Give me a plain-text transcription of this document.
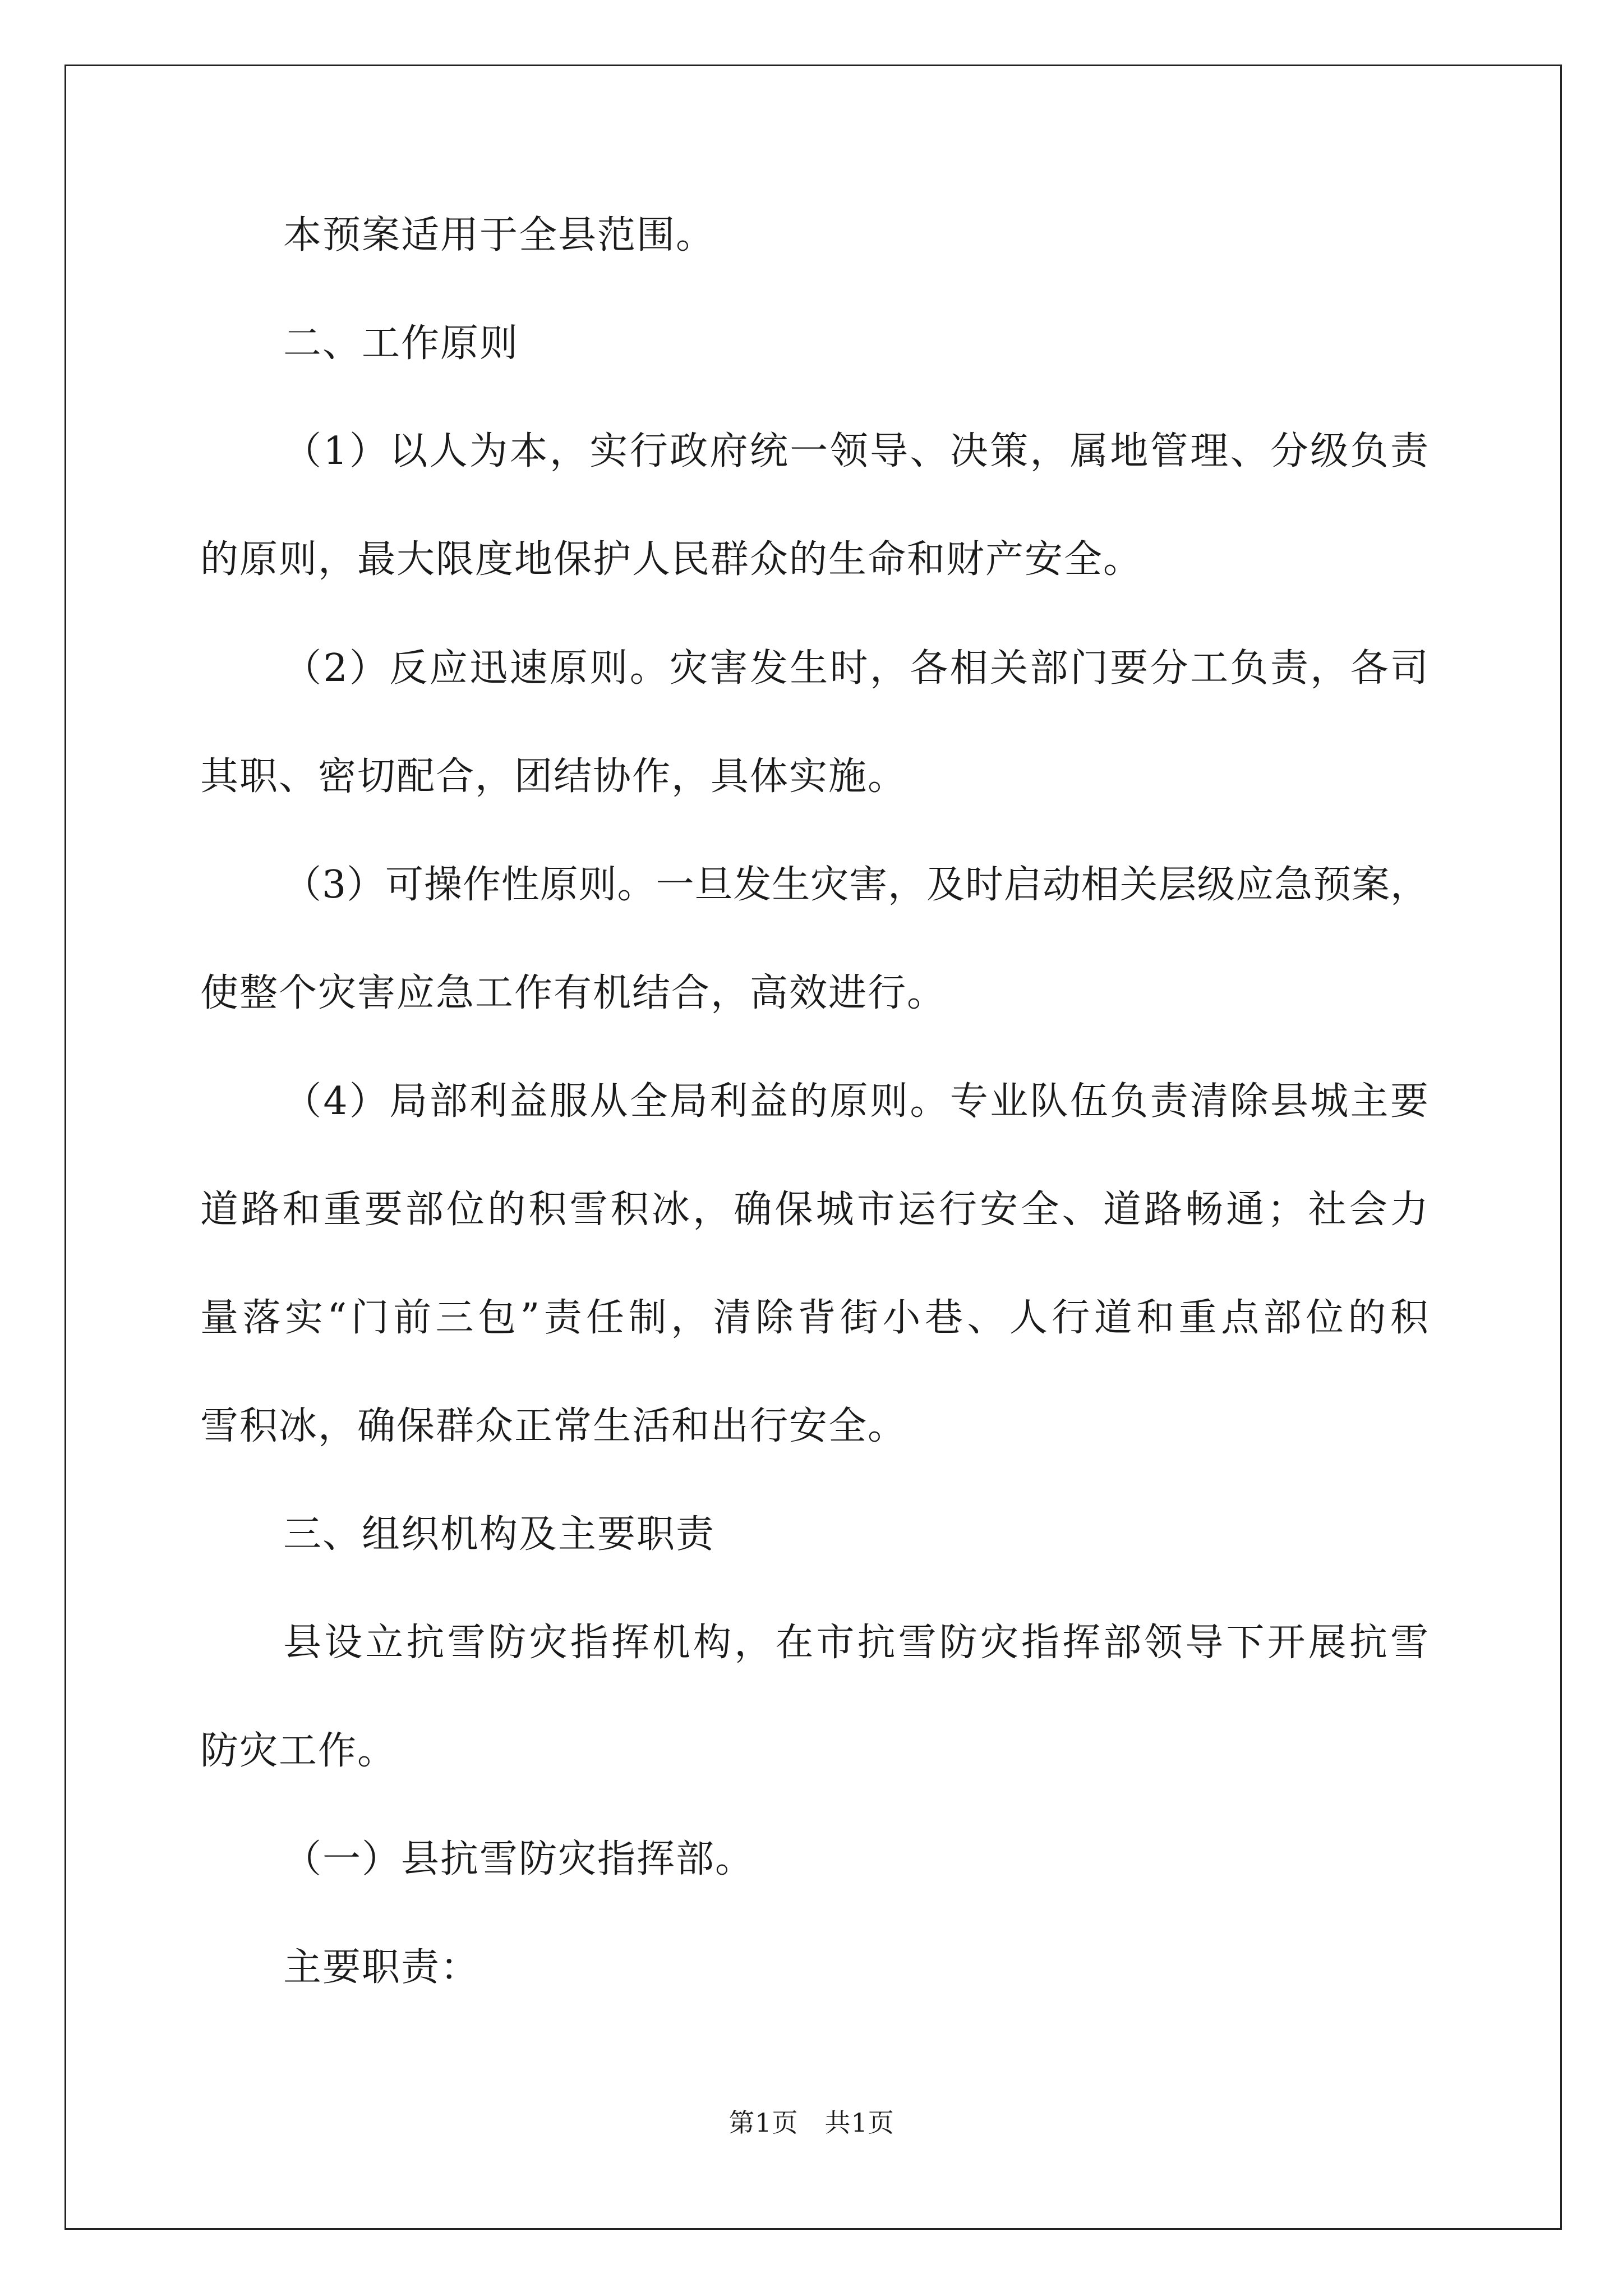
本预案适用于全县范围。
二、工作原则
（1）以人为本，实行政府统一领导、决策，属地管理、分级负责
的原则，最大限度地保护人民群众的生命和财产安全。
（2）反应迅速原则。灾害发生时，各相关部门要分工负责，各司
其职、密切配合，团结协作，具体实施。
（3）可操作性原则。一旦发生灾害，及时启动相关层级应急预案，
使整个灾害应急工作有机结合，高效进行。
（4）局部利益服从全局利益的原则。专业队伍负责清除县城主要
道路和重要部位的积雪积冰，确保城市运行安全、道路畅通；社会力
量落实“门前三包”责任制，清除背街小巷、人行道和重点部位的积
雪积冰，确保群众正常生活和出行安全。
三、组织机构及主要职责
县设立抗雪防灾指挥机构，在市抗雪防灾指挥部领导下开展抗雪
防灾工作。
（一）县抗雪防灾指挥部。
主要职责：
第1页　共1页
